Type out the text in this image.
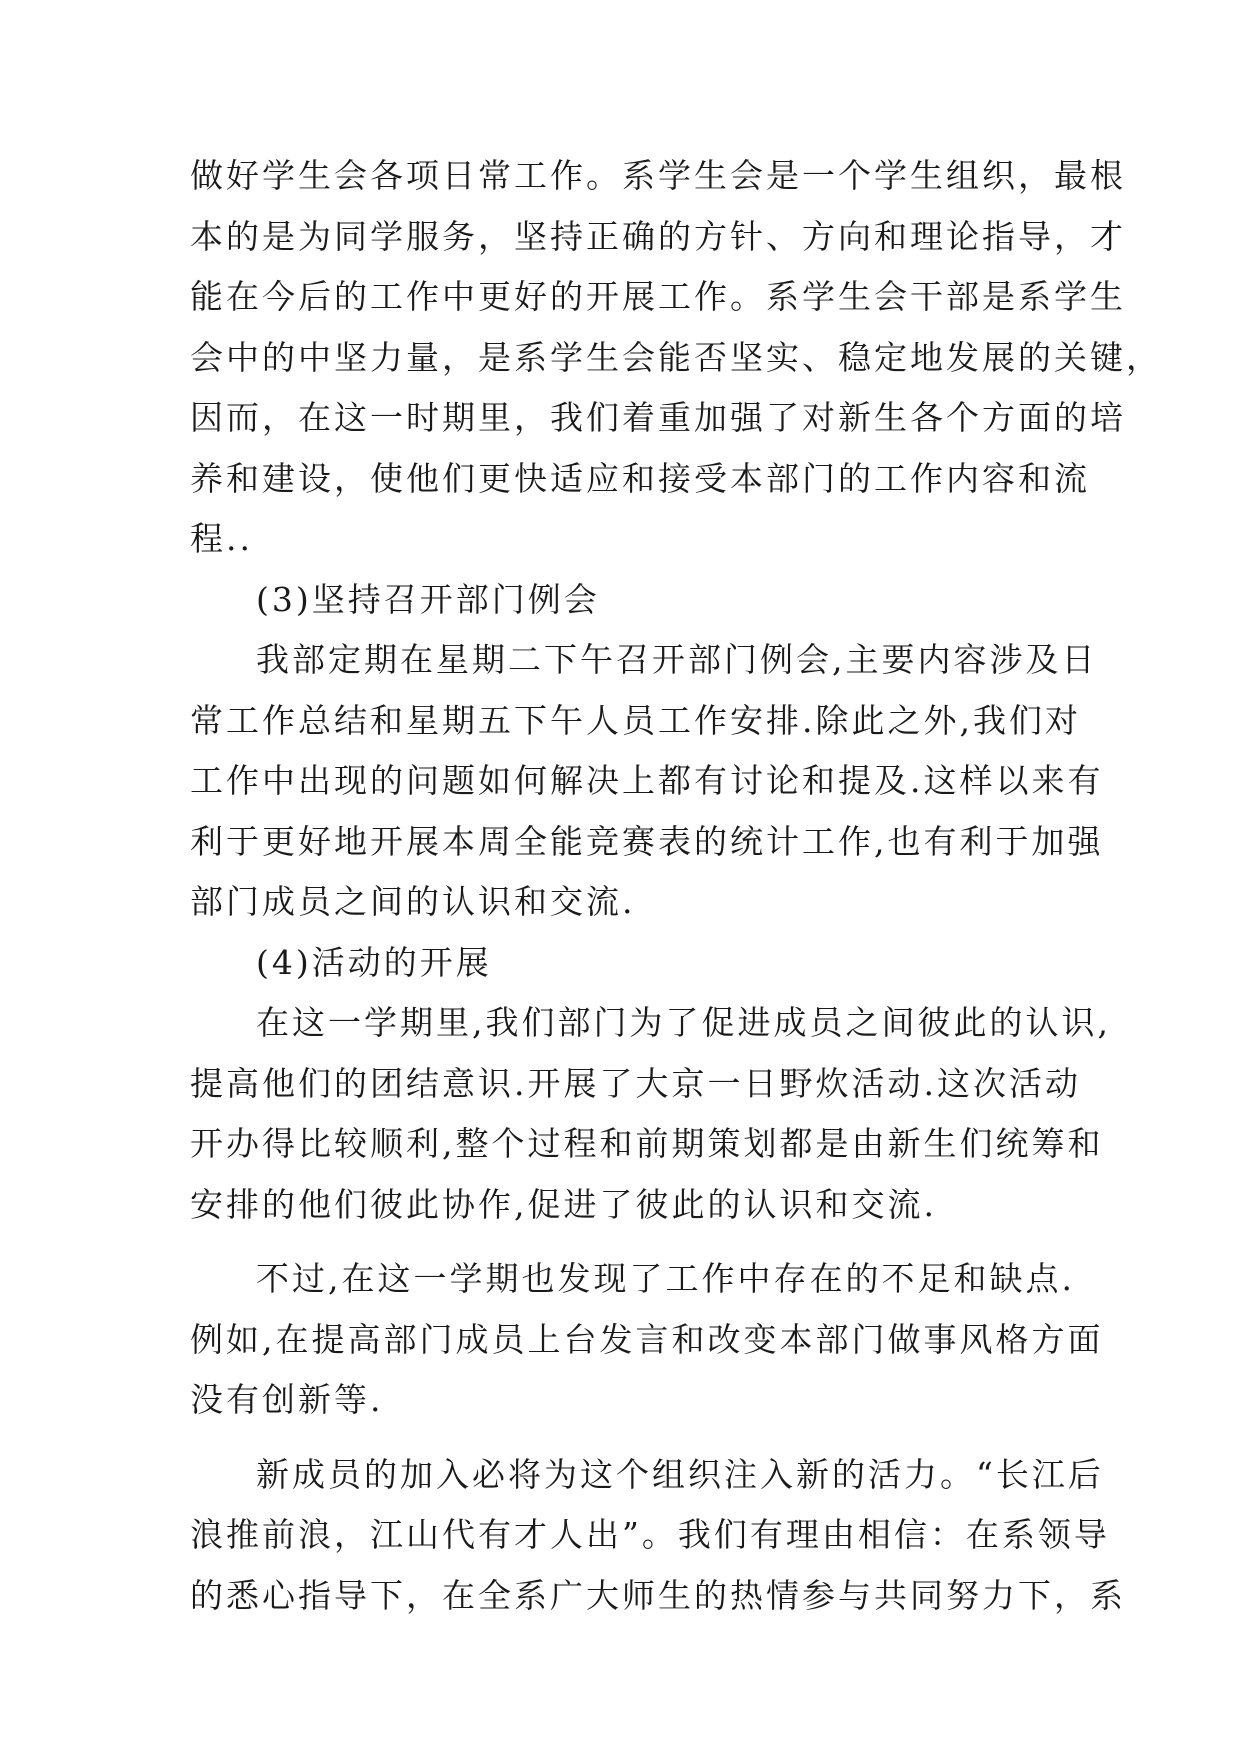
做好学生会各项日常工作。系学生会是一个学生组织，最根
本的是为同学服务，坚持正确的方针、方向和理论指导，才
能在今后的工作中更好的开展工作。系学生会干部是系学生
会中的中坚力量，是系学生会能否坚实、稳定地发展的关键，
因而，在这一时期里，我们着重加强了对新生各个方面的培
养和建设，使他们更快适应和接受本部门的工作内容和流
程..

(3)坚持召开部门例会

我部定期在星期二下午召开部门例会,主要内容涉及日
常工作总结和星期五下午人员工作安排.除此之外,我们对
工作中出现的问题如何解决上都有讨论和提及.这样以来有
利于更好地开展本周全能竞赛表的统计工作,也有利于加强
部门成员之间的认识和交流.

(4)活动的开展

在这一学期里,我们部门为了促进成员之间彼此的认识,
提高他们的团结意识.开展了大京一日野炊活动.这次活动
开办得比较顺利,整个过程和前期策划都是由新生们统筹和
安排的他们彼此协作,促进了彼此的认识和交流.

不过,在这一学期也发现了工作中存在的不足和缺点.
例如,在提高部门成员上台发言和改变本部门做事风格方面
没有创新等.

新成员的加入必将为这个组织注入新的活力。“长江后
浪推前浪，江山代有才人出”。我们有理由相信：在系领导
的悉心指导下，在全系广大师生的热情参与共同努力下，系
